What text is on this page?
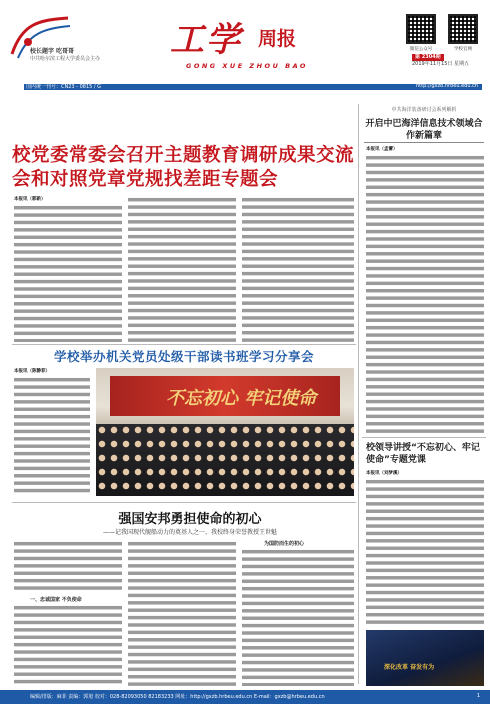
校长题字 吃哥哥
中共哈尔滨工程大学委员会主办	工学 周报
GONG XUE ZHOU BAO
微信公众号	学校官网
第 2304期
2019年11月15日 星期五
国内统一刊号：CN23 - 0815 / G	http://gxzb.hrbeu.edu.cn
校党委常委会召开主题教育调研成果交流会和对照党章党规找差距专题会
本报讯（郭新）
中共海洋装备研讨会系列解析
开启中巴海洋信息技术领域合作新篇章
本报讯（孟蕾）
校领导讲授“不忘初心、牢记使命”专题党课
本报讯（刘梦溪）
深化改革 奋发有为
学校举办机关党员处级干部读书班学习分享会
本报讯（陈静菲）
不忘初心 牢记使命
强国安邦勇担使命的初心
——记我国现代舰船动力的奠基人之一、我校终身荣誉教授王世魁
一、忠诚国家 不负使命
为国防而生的初心
编辑/排版：麻菲 责编：郭旭 校对：028-82093050 82183233 网址：http://gxzb.hrbeu.edu.cn E-mail：gxzb@hrbeu.edu.cn	1
